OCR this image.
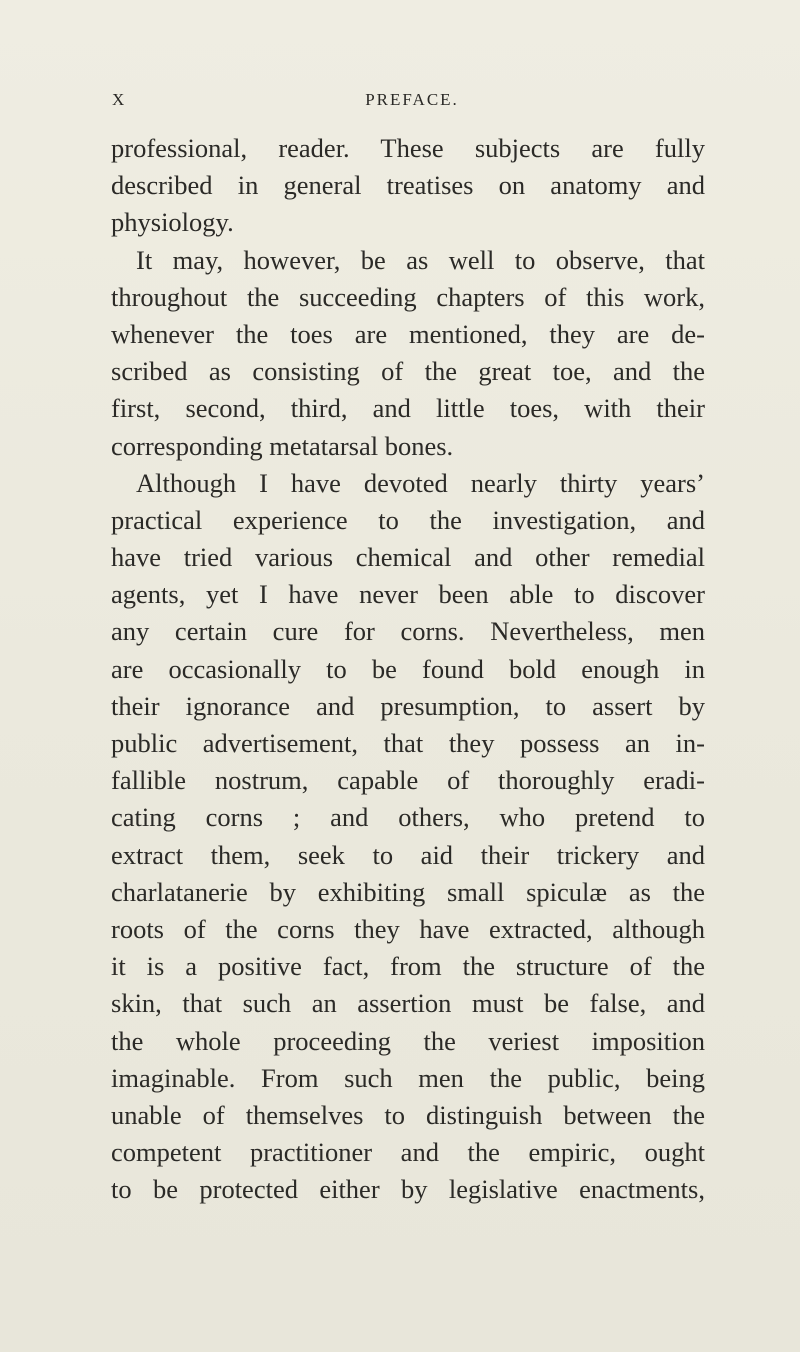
X	PREFACE.
professional, reader. These subjects are fully
described in general treatises on anatomy and
physiology.
It may, however, be as well to observe, that
throughout the succeeding chapters of this work,
whenever the toes are mentioned, they are de-
scribed as consisting of the great toe, and the
first, second, third, and little toes, with their
corresponding metatarsal bones.
Although I have devoted nearly thirty years’
practical experience to the investigation, and
have tried various chemical and other remedial
agents, yet I have never been able to discover
any certain cure for corns. Nevertheless, men
are occasionally to be found bold enough in
their ignorance and presumption, to assert by
public advertisement, that they possess an in-
fallible nostrum, capable of thoroughly eradi-
cating corns ; and others, who pretend to
extract them, seek to aid their trickery and
charlatanerie by exhibiting small spiculæ as the
roots of the corns they have extracted, although
it is a positive fact, from the structure of the
skin, that such an assertion must be false, and
the whole proceeding the veriest imposition
imaginable. From such men the public, being
unable of themselves to distinguish between the
competent practitioner and the empiric, ought
to be protected either by legislative enactments,
